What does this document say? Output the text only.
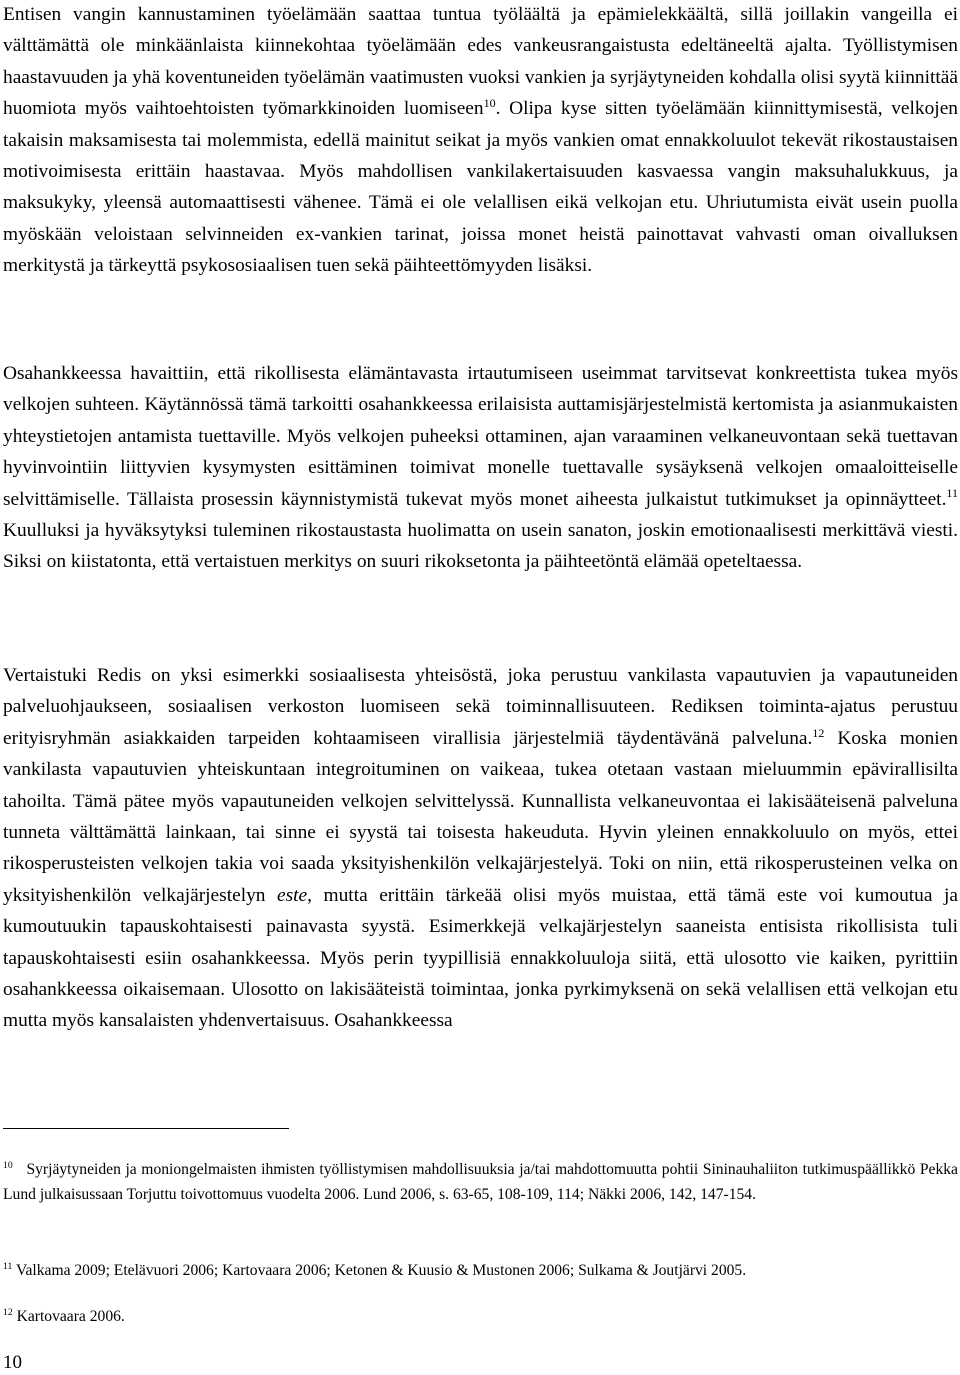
Entisen vangin kannustaminen työelämään saattaa tuntua työläältä ja epämielekkäältä, sillä joillakin vangeilla ei välttämättä ole minkäänlaista kiinnekohtaa työelämään edes vankeusrangaistusta edeltäneeltä ajalta. Työllistymisen haastavuuden ja yhä koventuneiden työelämän vaatimusten vuoksi vankien ja syrjäytyneiden kohdalla olisi syytä kiinnittää huomiota myös vaihtoehtoisten työmarkkinoiden luomiseen$^{10}$. Olipa kyse sitten työelämään kiinnittymisestä, velkojen takaisin maksamisesta tai molemmista, edellä mainitut seikat ja myös vankien omat ennakkoluulot tekevät rikostaustaisen motivoimisesta erittäin haastavaa. Myös mahdollisen vankilakertaisuuden kasvaessa vangin maksuhalukkuus, ja maksukyky, yleensä automaattisesti vähenee. Tämä ei ole velallisen eikä velkojan etu. Uhriutumista eivät usein puolla myöskään veloistaan selvinneiden ex-vankien tarinat, joissa monet heistä painottavat vahvasti oman oivalluksen merkitystä ja tärkeyttä psykososiaalisen tuen sekä päihteettömyyden lisäksi.

Osahankkeessa havaittiin, että rikollisesta elämäntavasta irtautumiseen useimmat tarvitsevat konkreettista tukea myös velkojen suhteen. Käytännössä tämä tarkoitti osahankkeessa erilaisista auttamisjärjestelmistä kertomista ja asianmukaisten yhteystietojen antamista tuettaville. Myös velkojen puheeksi ottaminen, ajan varaaminen velkaneuvontaan sekä tuettavan hyvinvointiin liittyvien kysymysten esittäminen toimivat monelle tuettavalle sysäyksenä velkojen omaaloitteiselle selvittämiselle. Tällaista prosessin käynnistymistä tukevat myös monet aiheesta julkaistut tutkimukset ja opinnäytteet.$^{11}$ Kuulluksi ja hyväksytyksi tuleminen rikostaustasta huolimatta on usein sanaton, joskin emotionaalisesti merkittävä viesti. Siksi on kiistatonta, että vertaistuen merkitys on suuri rikoksetonta ja päihteetöntä elämää opeteltaessa.

Vertaistuki Redis on yksi esimerkki sosiaalisesta yhteisöstä, joka perustuu vankilasta vapautuvien ja vapautuneiden palveluohjaukseen, sosiaalisen verkoston luomiseen sekä toiminnallisuuteen. Rediksen toiminta-ajatus perustuu erityisryhmän asiakkaiden tarpeiden kohtaamiseen virallisia järjestelmiä täydentävänä palveluna.$^{12}$ Koska monien vankilasta vapautuvien yhteiskuntaan integroituminen on vaikeaa, tukea otetaan vastaan mieluummin epävirallisilta tahoilta. Tämä pätee myös vapautuneiden velkojen selvittelyssä. Kunnallista velkaneuvontaa ei lakisääteisenä palveluna tunneta välttämättä lainkaan, tai sinne ei syystä tai toisesta hakeuduta. Hyvin yleinen ennakkoluulo on myös, ettei rikosperusteisten velkojen takia voi saada yksityishenkilön velkajärjestelyä. Toki on niin, että rikosperusteinen velka on yksityishenkilön velkajärjestelyn este, mutta erittäin tärkeää olisi myös muistaa, että tämä este voi kumoutua ja kumoutuukin tapauskohtaisesti painavasta syystä. Esimerkkejä velkajärjestelyn saaneista entisista rikollisista tuli tapauskohtaisesti esiin osahankkeessa. Myös perin tyypillisiä ennakkoluuloja siitä, että ulosotto vie kaiken, pyrittiin osahankkeessa oikaisemaan. Ulosotto on lakisääteistä toimintaa, jonka pyrkimyksenä on sekä velallisen että velkojan etu mutta myös kansalaisten yhdenvertaisuus. Osahankkeessa

$^{10}$ Syrjäytyneiden ja moniongelmaisten ihmisten työllistymisen mahdollisuuksia ja/tai mahdottomuutta pohtii Sininauhaliiton tutkimuspäällikkö Pekka Lund julkaisussaan Torjuttu toivottomuus vuodelta 2006. Lund 2006, s. 63-65, 108-109, 114; Näkki 2006, 142, 147-154.

$^{11}$ Valkama 2009; Etelävuori 2006; Kartovaara 2006; Ketonen & Kuusio & Mustonen 2006; Sulkama & Joutjärvi 2005.

$^{12}$ Kartovaara 2006.

10
